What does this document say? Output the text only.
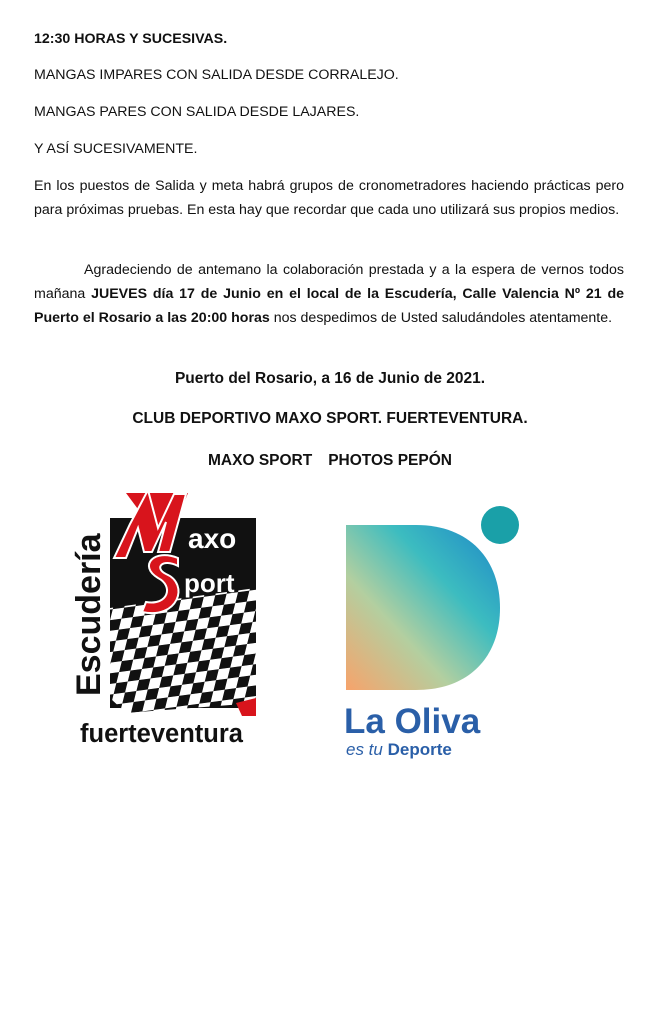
12:30 HORAS Y SUCESIVAS.

MANGAS IMPARES CON SALIDA DESDE CORRALEJO.

MANGAS PARES CON SALIDA DESDE LAJARES.

Y ASÍ SUCESIVAMENTE.

En los puestos de Salida y meta habrá grupos de cronometradores haciendo prácticas pero para próximas pruebas. En esta hay que recordar que cada uno utilizará sus propios medios.

Agradeciendo de antemano la colaboración prestada y a la espera de vernos todos mañana JUEVES día 17 de Junio en el local de la Escudería, Calle Valencia Nº 21 de Puerto el Rosario a las 20:00 horas nos despedimos de Usted saludándoles atentamente.

Puerto del Rosario, a 16 de Junio de 2021.

CLUB DEPORTIVO MAXO SPORT. FUERTEVENTURA.

MAXO SPORT PHOTOS PEPÓN

axo
port
Escudería
fuerteventura	La Oliva
es tu Deporte
